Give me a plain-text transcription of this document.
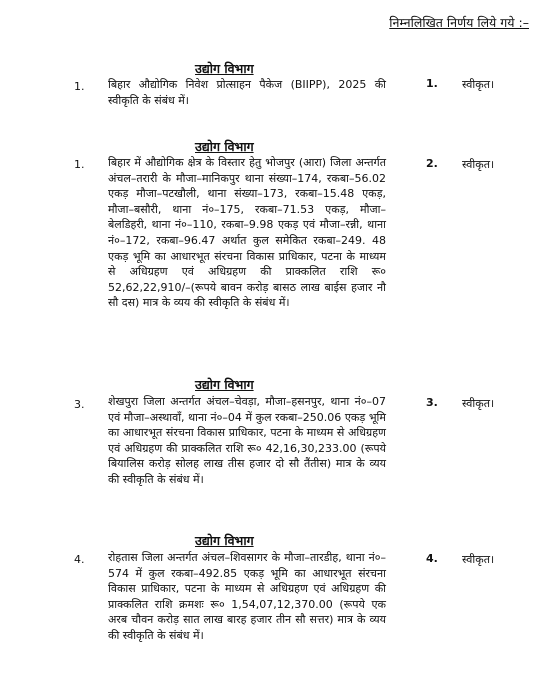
निम्नलिखित निर्णय लिये गये :–
उद्योग विभाग
1. बिहार औद्योगिक निवेश प्रोत्साहन पैकेज (BIIPP), 2025 की स्वीकृति के संबंध में।
1. स्वीकृत।
उद्योग विभाग
1. बिहार में औद्योगिक क्षेत्र के विस्तार हेतु भोजपुर (आरा) जिला अन्तर्गत अंचल–तरारी के मौजा–मानिकपुर थाना संख्या–174, रकबा–56.02 एकड़ मौजा–पटखौली, थाना संख्या–173, रकबा–15.48 एकड़, मौजा–बसौरी, थाना नं०–175, रकबा–71.53 एकड़, मौजा–बेलडिहरी, थाना नं०–110, रकबा–9.98 एकड़ एवं मौजा–रन्नी, थाना नं०–172, रकबा–96.47 अर्थात कुल समेकित रकबा–249. 48 एकड़ भूमि का आधारभूत संरचना विकास प्राधिकार, पटना के माध्यम से अधिग्रहण एवं अधिग्रहण की प्राक्कलित राशि रू० 52,62,22,910/–(रूपये बावन करोड़ बासठ लाख बाईस हजार नौ सौ दस) मात्र के व्यय की स्वीकृति के संबंध में।
2. स्वीकृत।
उद्योग विभाग
3. शेखपुरा जिला अन्तर्गत अंचल–चेवड़ा, मौजा–हसनपुर, थाना नं०–07 एवं मौजा–अस्थावाँ, थाना नं०–04 में कुल रकबा–250.06 एकड़ भूमि का आधारभूत संरचना विकास प्राधिकार, पटना के माध्यम से अधिग्रहण एवं अधिग्रहण की प्राक्कलित राशि रू० 42,16,30,233.00 (रूपये बियालिस करोड़ सोलह लाख तीस हजार दो सौ तैंतीस) मात्र के व्यय की स्वीकृति के संबंध में।
3. स्वीकृत।
उद्योग विभाग
4. रोहतास जिला अन्तर्गत अंचल–शिवसागर के मौजा–तारडीह, थाना नं०–574 में कुल रकबा–492.85 एकड़ भूमि का आधारभूत संरचना विकास प्राधिकार, पटना के माध्यम से अधिग्रहण एवं अधिग्रहण की प्राक्कलित राशि क्रमशः रू० 1,54,07,12,370.00 (रूपये एक अरब चौवन करोड़ सात लाख बारह हजार तीन सौ सत्तर) मात्र के व्यय की स्वीकृति के संबंध में।
4. स्वीकृत।
